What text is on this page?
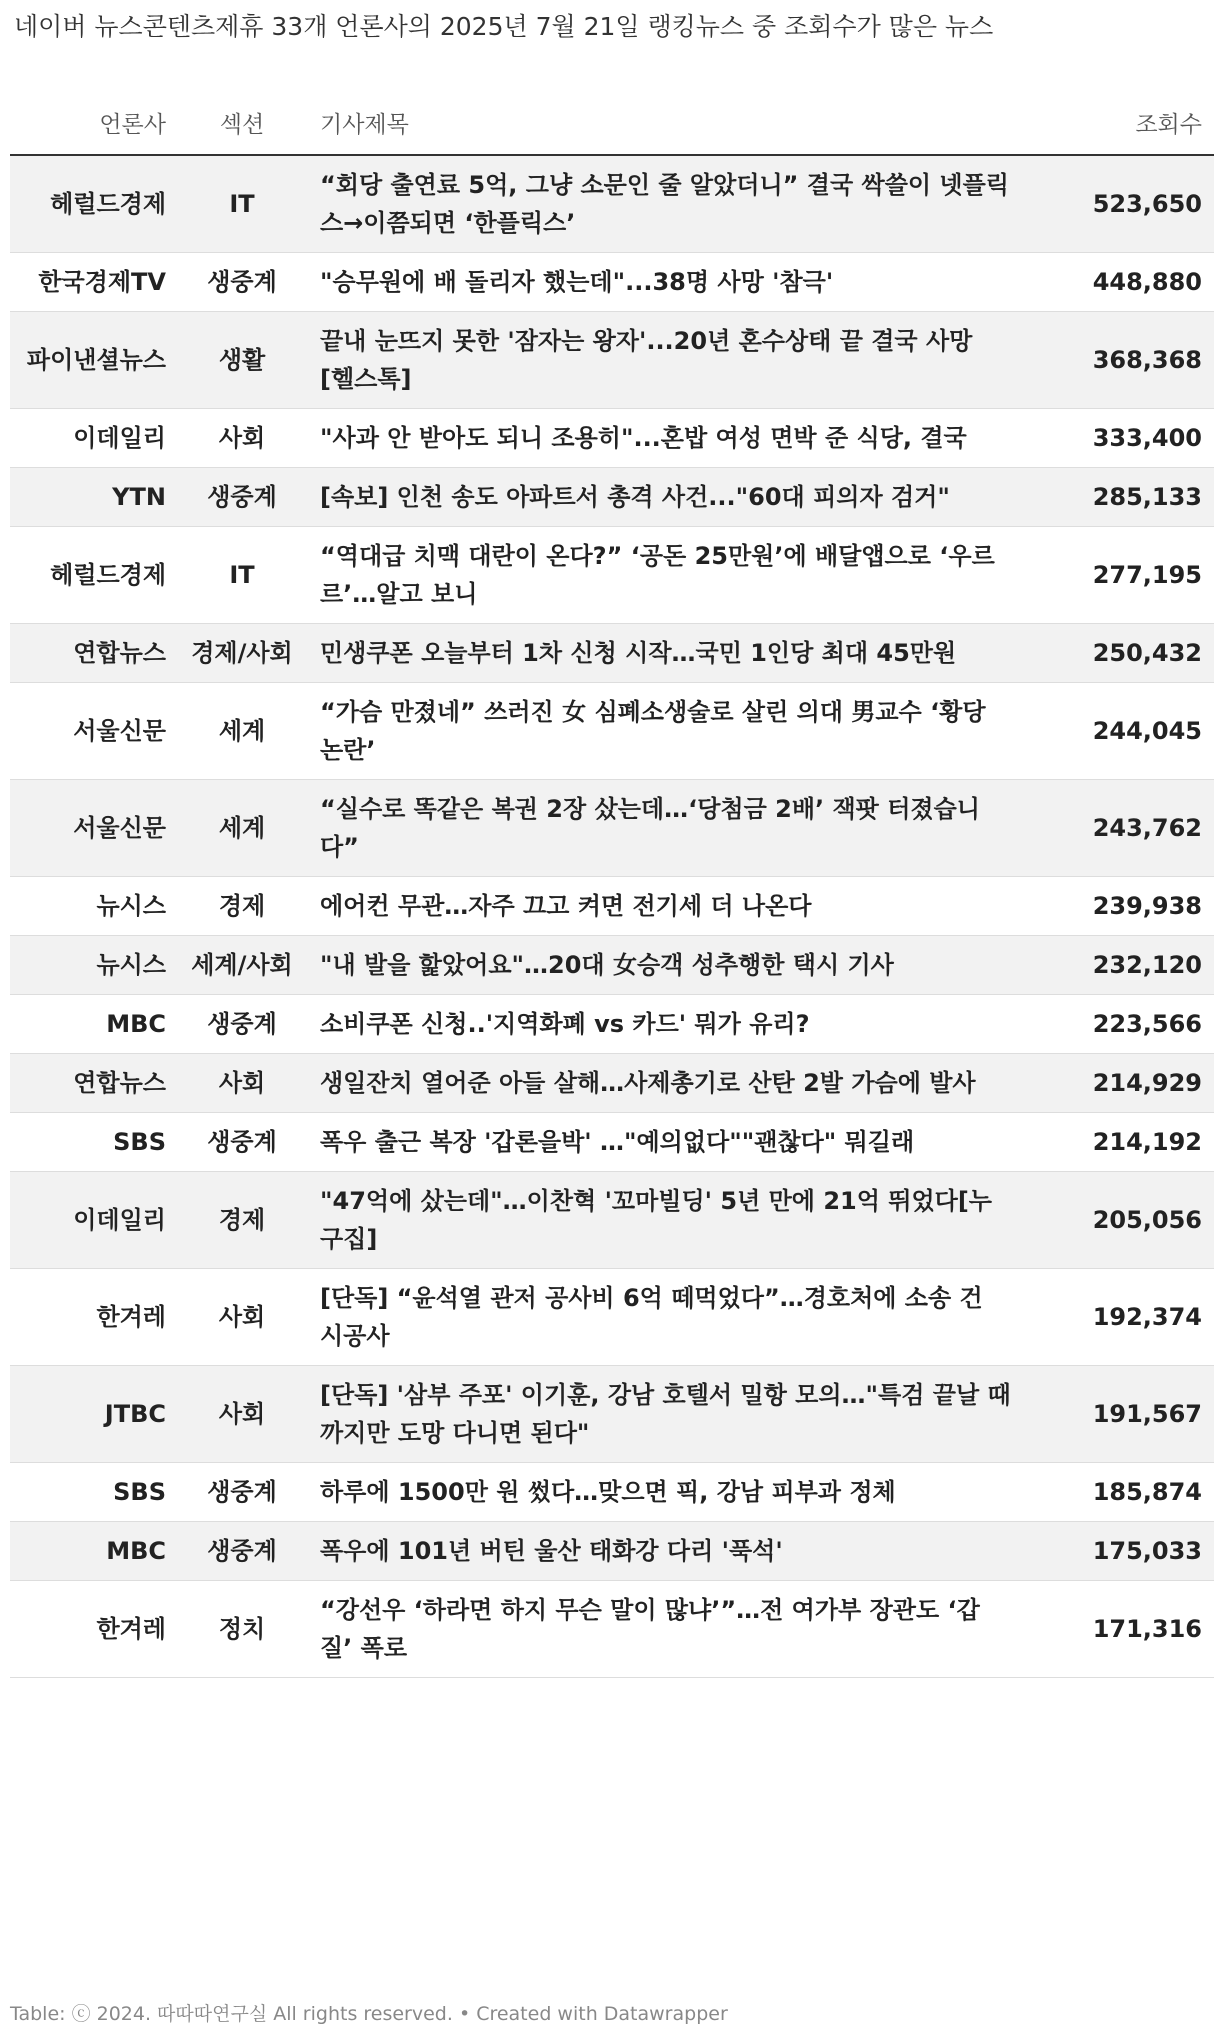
네이버 뉴스콘텐츠제휴 33개 언론사의 2025년 7월 21일 랭킹뉴스 중 조회수가 많은 뉴스
언론사	섹션	기사제목	조회수
헤럴드경제	IT	“회당 출연료 5억, 그냥 소문인 줄 알았더니” 결국 싹쓸이 넷플릭스→이쯤되면 ‘한플릭스’	523,650
한국경제TV	생중계	"승무원에 배 돌리자 했는데"...38명 사망 '참극'	448,880
파이낸셜뉴스	생활	끝내 눈뜨지 못한 '잠자는 왕자'...20년 혼수상태 끝 결국 사망 [헬스톡]	368,368
이데일리	사회	"사과 안 받아도 되니 조용히"...혼밥 여성 면박 준 식당, 결국	333,400
YTN	생중계	[속보] 인천 송도 아파트서 총격 사건..."60대 피의자 검거"	285,133
헤럴드경제	IT	“역대급 치맥 대란이 온다?” ‘공돈 25만원’에 배달앱으로 ‘우르르’…알고 보니	277,195
연합뉴스	경제/사회	민생쿠폰 오늘부터 1차 신청 시작…국민 1인당 최대 45만원	250,432
서울신문	세계	“가슴 만졌네” 쓰러진 女 심폐소생술로 살린 의대 男교수 ‘황당 논란’	244,045
서울신문	세계	“실수로 똑같은 복권 2장 샀는데…‘당첨금 2배’ 잭팟 터졌습니다”	243,762
뉴시스	경제	에어컨 무관…자주 끄고 켜면 전기세 더 나온다	239,938
뉴시스	세계/사회	"내 발을 핥았어요"…20대 女승객 성추행한 택시 기사	232,120
MBC	생중계	소비쿠폰 신청..'지역화폐 vs 카드' 뭐가 유리?	223,566
연합뉴스	사회	생일잔치 열어준 아들 살해…사제총기로 산탄 2발 가슴에 발사	214,929
SBS	생중계	폭우 출근 복장 '갑론을박' …"예의없다""괜찮다" 뭐길래	214,192
이데일리	경제	"47억에 샀는데"…이찬혁 '꼬마빌딩' 5년 만에 21억 뛰었다[누구집]	205,056
한겨레	사회	[단독] “윤석열 관저 공사비 6억 떼먹었다”…경호처에 소송 건 시공사	192,374
JTBC	사회	[단독] '삼부 주포' 이기훈, 강남 호텔서 밀항 모의…"특검 끝날 때까지만 도망 다니면 된다"	191,567
SBS	생중계	하루에 1500만 원 썼다…맞으면 픽, 강남 피부과 정체	185,874
MBC	생중계	폭우에 101년 버틴 울산 태화강 다리 '푹석'	175,033
한겨레	정치	“강선우 ‘하라면 하지 무슨 말이 많냐’”…전 여가부 장관도 ‘갑질’ 폭로	171,316
Table: ⓒ 2024. 따따따연구실 All rights reserved. • Created with Datawrapper
